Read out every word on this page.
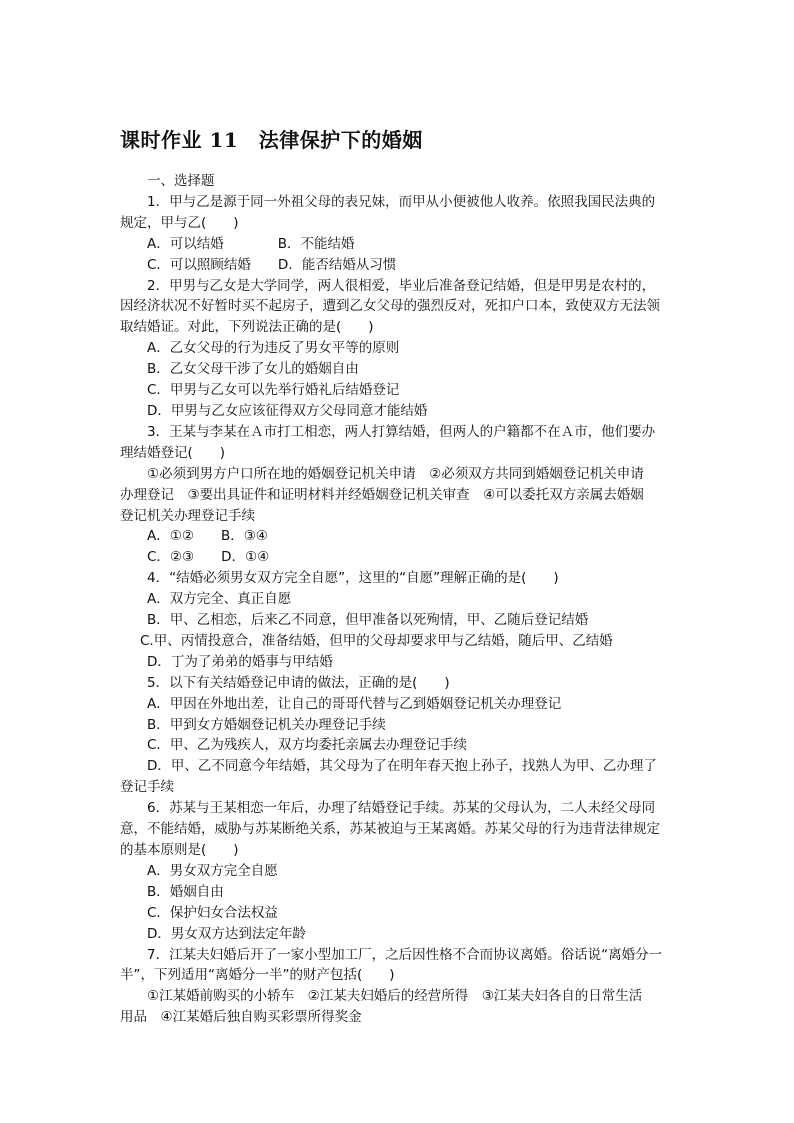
课时作业 11　法律保护下的婚姻

一、选择题

1．甲与乙是源于同一外祖父母的表兄妹，而甲从小便被他人收养。依照我国民法典的

规定，甲与乙(　　)

A．可以结婚　　　　B．不能结婚

C．可以照顾结婚　　D．能否结婚从习惯

2．甲男与乙女是大学同学，两人很相爱，毕业后准备登记结婚，但是甲男是农村的，

因经济状况不好暂时买不起房子，遭到乙女父母的强烈反对，死扣户口本，致使双方无法领

取结婚证。对此，下列说法正确的是(　　)

A．乙女父母的行为违反了男女平等的原则

B．乙女父母干涉了女儿的婚姻自由

C．甲男与乙女可以先举行婚礼后结婚登记

D．甲男与乙女应该征得双方父母同意才能结婚

3．王某与李某在Ａ市打工相恋，两人打算结婚，但两人的户籍都不在Ａ市，他们要办

理结婚登记(　　)

①必须到男方户口所在地的婚姻登记机关申请　②必须双方共同到婚姻登记机关申请

办理登记　③要出具证件和证明材料并经婚姻登记机关审查　④可以委托双方亲属去婚姻

登记机关办理登记手续

A．①②　　B．③④

C．②③　　D．①④

4．“结婚必须男女双方完全自愿”，这里的“自愿”理解正确的是(　　)

A．双方完全、真正自愿

B．甲、乙相恋，后来乙不同意，但甲准备以死殉情，甲、乙随后登记结婚

C.甲、丙情投意合，准备结婚，但甲的父母却要求甲与乙结婚，随后甲、乙结婚

D．丁为了弟弟的婚事与甲结婚

5．以下有关结婚登记申请的做法，正确的是(　　)

A．甲因在外地出差，让自己的哥哥代替与乙到婚姻登记机关办理登记

B．甲到女方婚姻登记机关办理登记手续

C．甲、乙为残疾人，双方均委托亲属去办理登记手续

D．甲、乙不同意今年结婚，其父母为了在明年春天抱上孙子，找熟人为甲、乙办理了

登记手续

6．苏某与王某相恋一年后，办理了结婚登记手续。苏某的父母认为，二人未经父母同

意，不能结婚，威胁与苏某断绝关系，苏某被迫与王某离婚。苏某父母的行为违背法律规定

的基本原则是(　　)

A．男女双方完全自愿

B．婚姻自由

C．保护妇女合法权益

D．男女双方达到法定年龄

7．江某夫妇婚后开了一家小型加工厂，之后因性格不合而协议离婚。俗话说“离婚分一

半”，下列适用“离婚分一半”的财产包括(　　)

①江某婚前购买的小轿车　②江某夫妇婚后的经营所得　③江某夫妇各自的日常生活

用品　④江某婚后独自购买彩票所得奖金
